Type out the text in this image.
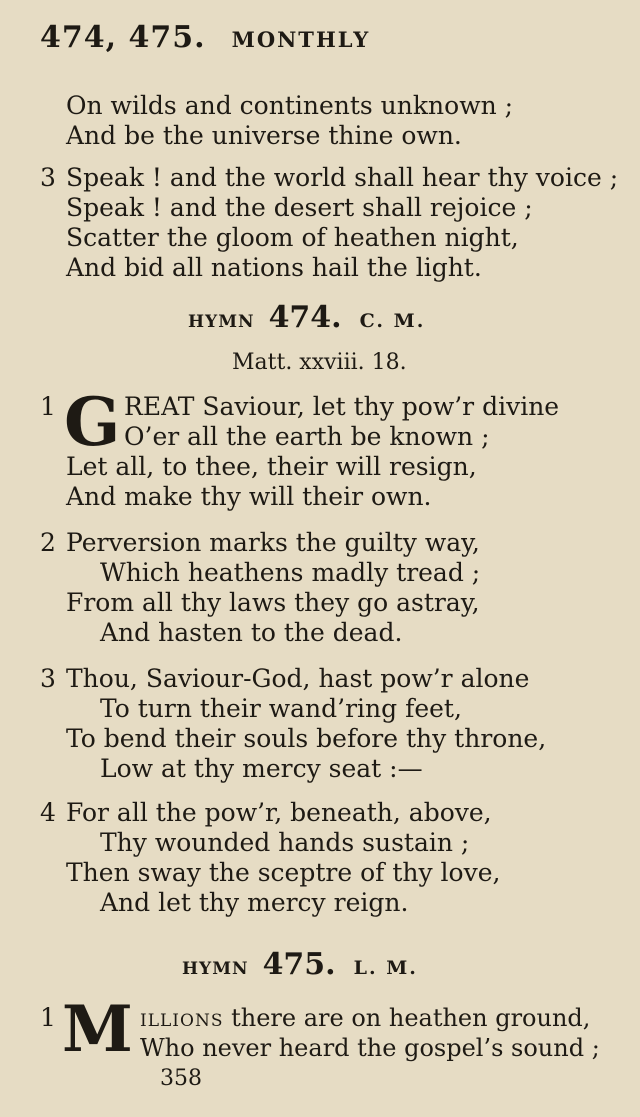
474, 475. MONTHLY
On wilds and continents unknown ;
And be the universe thine own.
3 Speak ! and the world shall hear thy voice ;
Speak ! and the desert shall rejoice ;
Scatter the gloom of heathen night,
And bid all nations hail the light.
HYMN 474. C. M.
Matt. xxviii. 18.
1 G REAT Saviour, let thy pow’r divine
O’er all the earth be known ;
Let all, to thee, their will resign,
And make thy will their own.
2 Perversion marks the guilty way,
Which heathens madly tread ;
From all thy laws they go astray,
And hasten to the dead.
3 Thou, Saviour-God, hast pow’r alone
To turn their wand’ring feet,
To bend their souls before thy throne,
Low at thy mercy seat :—
4 For all the pow’r, beneath, above,
Thy wounded hands sustain ;
Then sway the sceptre of thy love,
And let thy mercy reign.
HYMN 475. L. M.
1 M illions there are on heathen ground,
Who never heard the gospel’s sound ;
358
